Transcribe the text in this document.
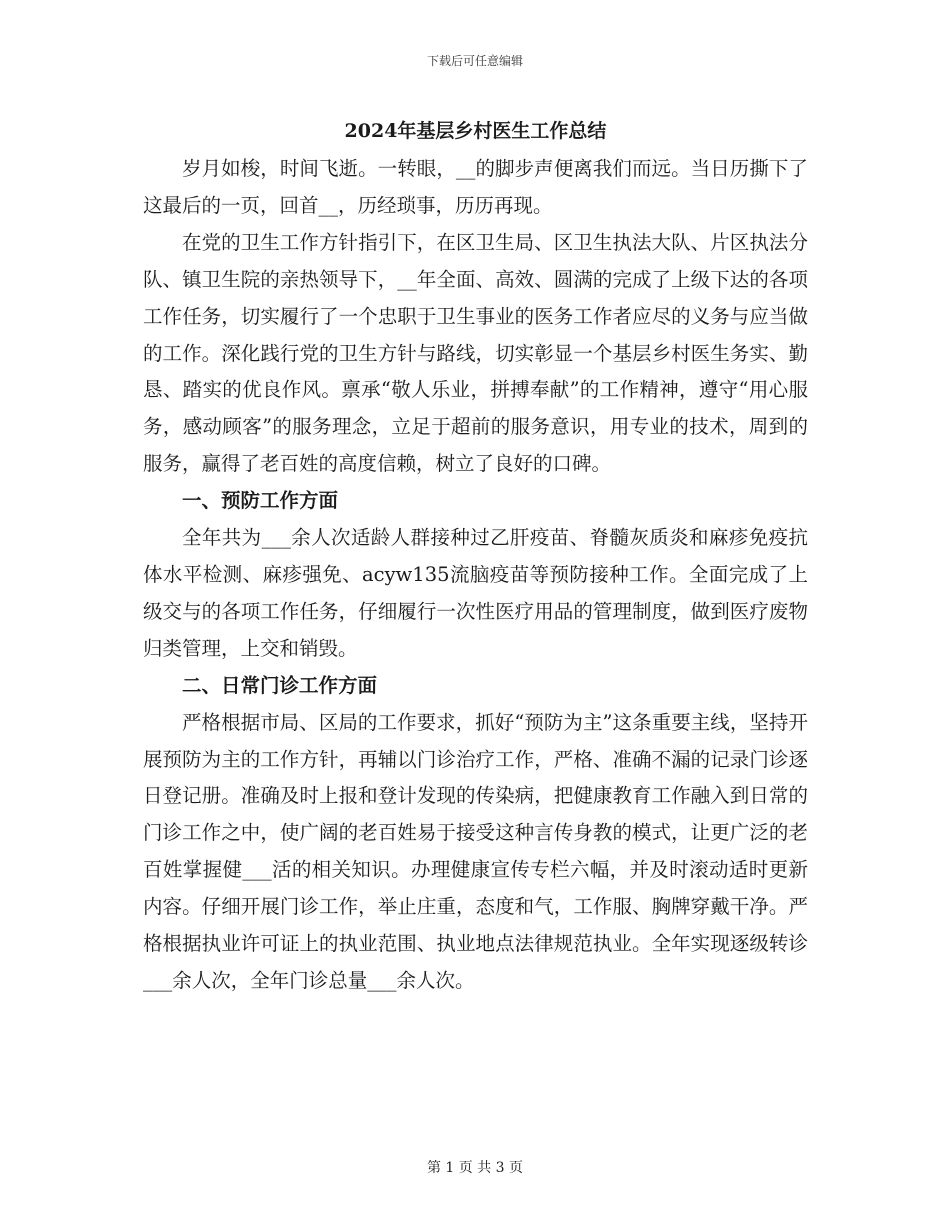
下载后可任意编辑
2024年基层乡村医生工作总结

岁月如梭，时间飞逝。一转眼，__的脚步声便离我们而远。当日历撕下了这最后的一页，回首__，历经琐事，历历再现。

在党的卫生工作方针指引下，在区卫生局、区卫生执法大队、片区执法分队、镇卫生院的亲热领导下，__年全面、高效、圆满的完成了上级下达的各项工作任务，切实履行了一个忠职于卫生事业的医务工作者应尽的义务与应当做的工作。深化践行党的卫生方针与路线，切实彰显一个基层乡村医生务实、勤恳、踏实的优良作风。禀承“敬人乐业，拼搏奉献”的工作精神，遵守“用心服务，感动顾客”的服务理念，立足于超前的服务意识，用专业的技术，周到的服务，赢得了老百姓的高度信赖，树立了良好的口碑。

一、预防工作方面

全年共为___余人次适龄人群接种过乙肝疫苗、脊髓灰质炎和麻疹免疫抗体水平检测、麻疹强免、acyw135流脑疫苗等预防接种工作。全面完成了上级交与的各项工作任务，仔细履行一次性医疗用品的管理制度，做到医疗废物归类管理，上交和销毁。

二、日常门诊工作方面

严格根据市局、区局的工作要求，抓好“预防为主”这条重要主线，坚持开展预防为主的工作方针，再辅以门诊治疗工作，严格、准确不漏的记录门诊逐日登记册。准确及时上报和登计发现的传染病，把健康教育工作融入到日常的门诊工作之中，使广阔的老百姓易于接受这种言传身教的模式，让更广泛的老百姓掌握健___活的相关知识。办理健康宣传专栏六幅，并及时滚动适时更新内容。仔细开展门诊工作，举止庄重，态度和气，工作服、胸牌穿戴干净。严格根据执业许可证上的执业范围、执业地点法律规范执业。全年实现逐级转诊___余人次，全年门诊总量___余人次。

第 1 页 共 3 页
